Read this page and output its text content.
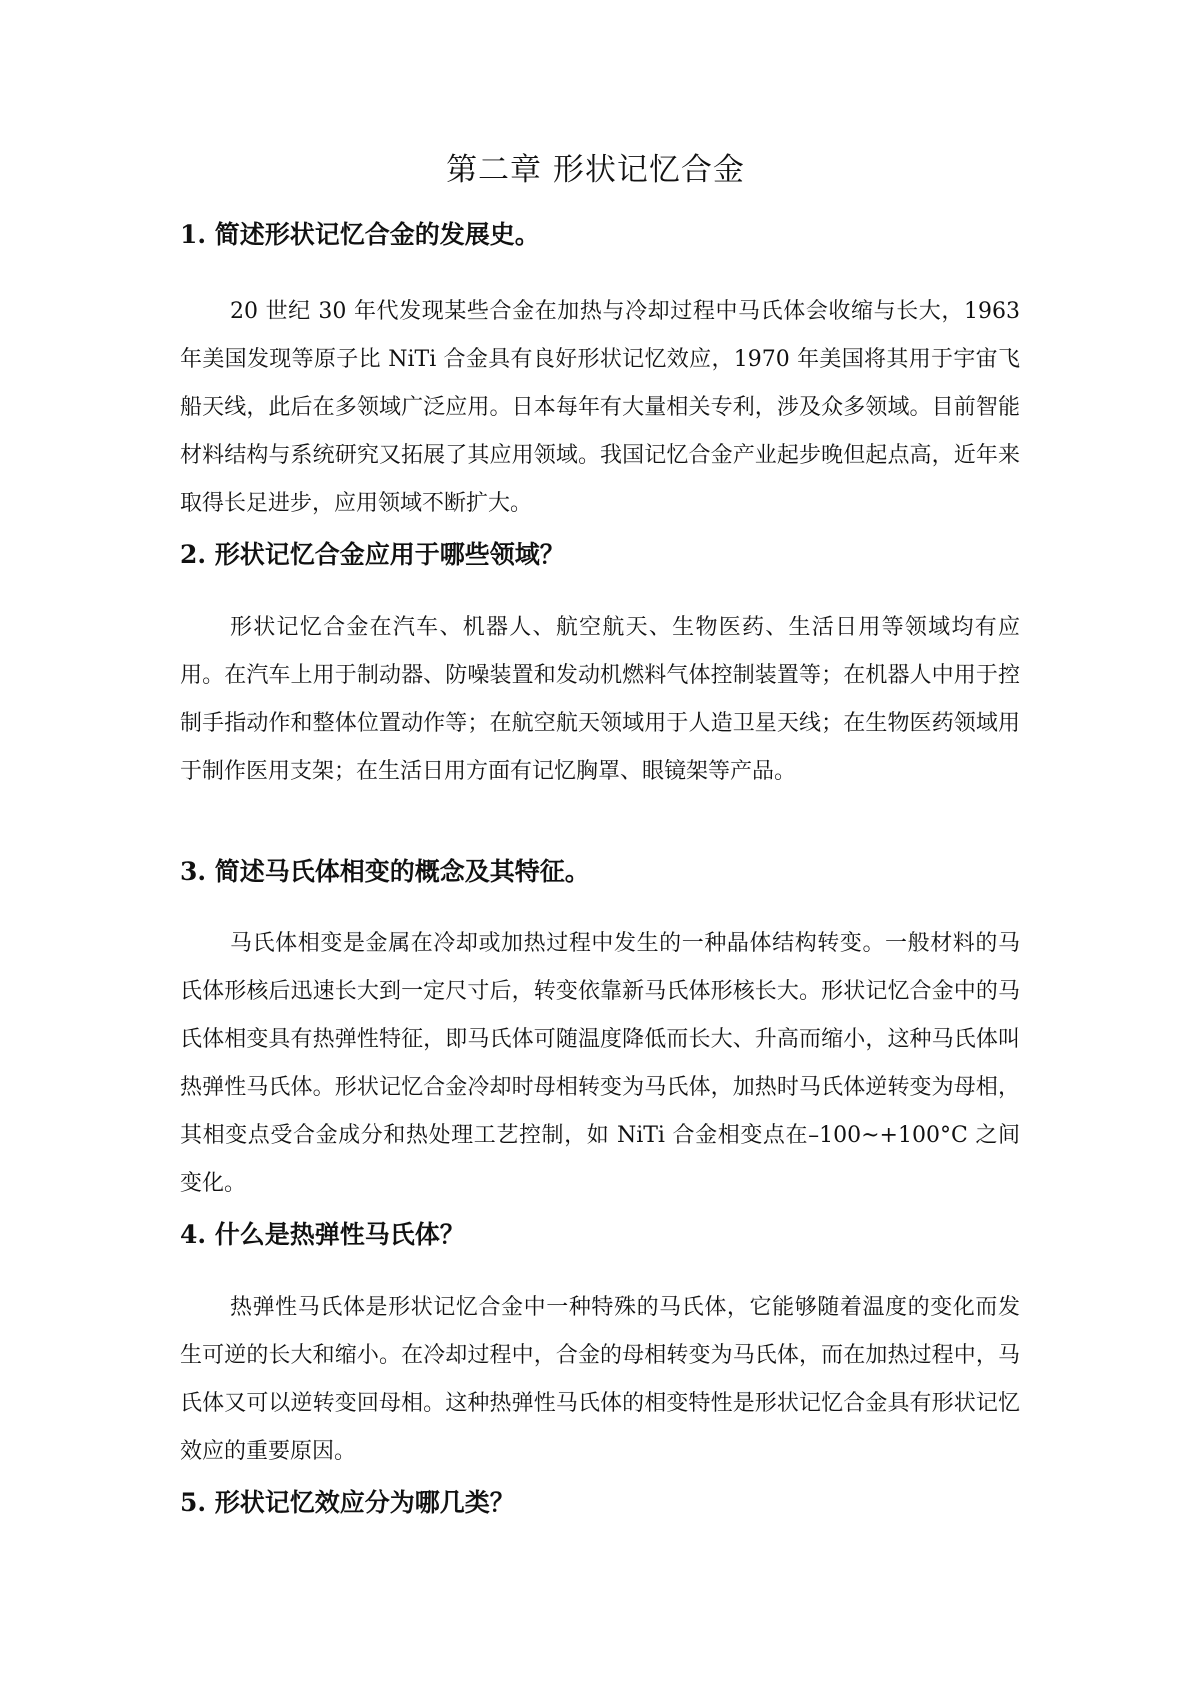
第二章 形状记忆合金
1. 简述形状记忆合金的发展史。

20 世纪 30 年代发现某些合金在加热与冷却过程中马氏体会收缩与长大，1963 年美国发现等原子比 NiTi 合金具有良好形状记忆效应，1970 年美国将其用于宇宙飞船天线，此后在多领域广泛应用。日本每年有大量相关专利，涉及众多领域。目前智能材料结构与系统研究又拓展了其应用领域。我国记忆合金产业起步晚但起点高，近年来取得长足进步，应用领域不断扩大。

2. 形状记忆合金应用于哪些领域？

形状记忆合金在汽车、机器人、航空航天、生物医药、生活日用等领域均有应用。在汽车上用于制动器、防噪装置和发动机燃料气体控制装置等；在机器人中用于控制手指动作和整体位置动作等；在航空航天领域用于人造卫星天线；在生物医药领域用于制作医用支架；在生活日用方面有记忆胸罩、眼镜架等产品。

3. 简述马氏体相变的概念及其特征。

马氏体相变是金属在冷却或加热过程中发生的一种晶体结构转变。一般材料的马氏体形核后迅速长大到一定尺寸后，转变依靠新马氏体形核长大。形状记忆合金中的马氏体相变具有热弹性特征，即马氏体可随温度降低而长大、升高而缩小，这种马氏体叫热弹性马氏体。形状记忆合金冷却时母相转变为马氏体，加热时马氏体逆转变为母相，其相变点受合金成分和热处理工艺控制，如 NiTi 合金相变点在–100~+100°C 之间变化。

4. 什么是热弹性马氏体？

热弹性马氏体是形状记忆合金中一种特殊的马氏体，它能够随着温度的变化而发生可逆的长大和缩小。在冷却过程中，合金的母相转变为马氏体，而在加热过程中，马氏体又可以逆转变回母相。这种热弹性马氏体的相变特性是形状记忆合金具有形状记忆效应的重要原因。

5. 形状记忆效应分为哪几类？
